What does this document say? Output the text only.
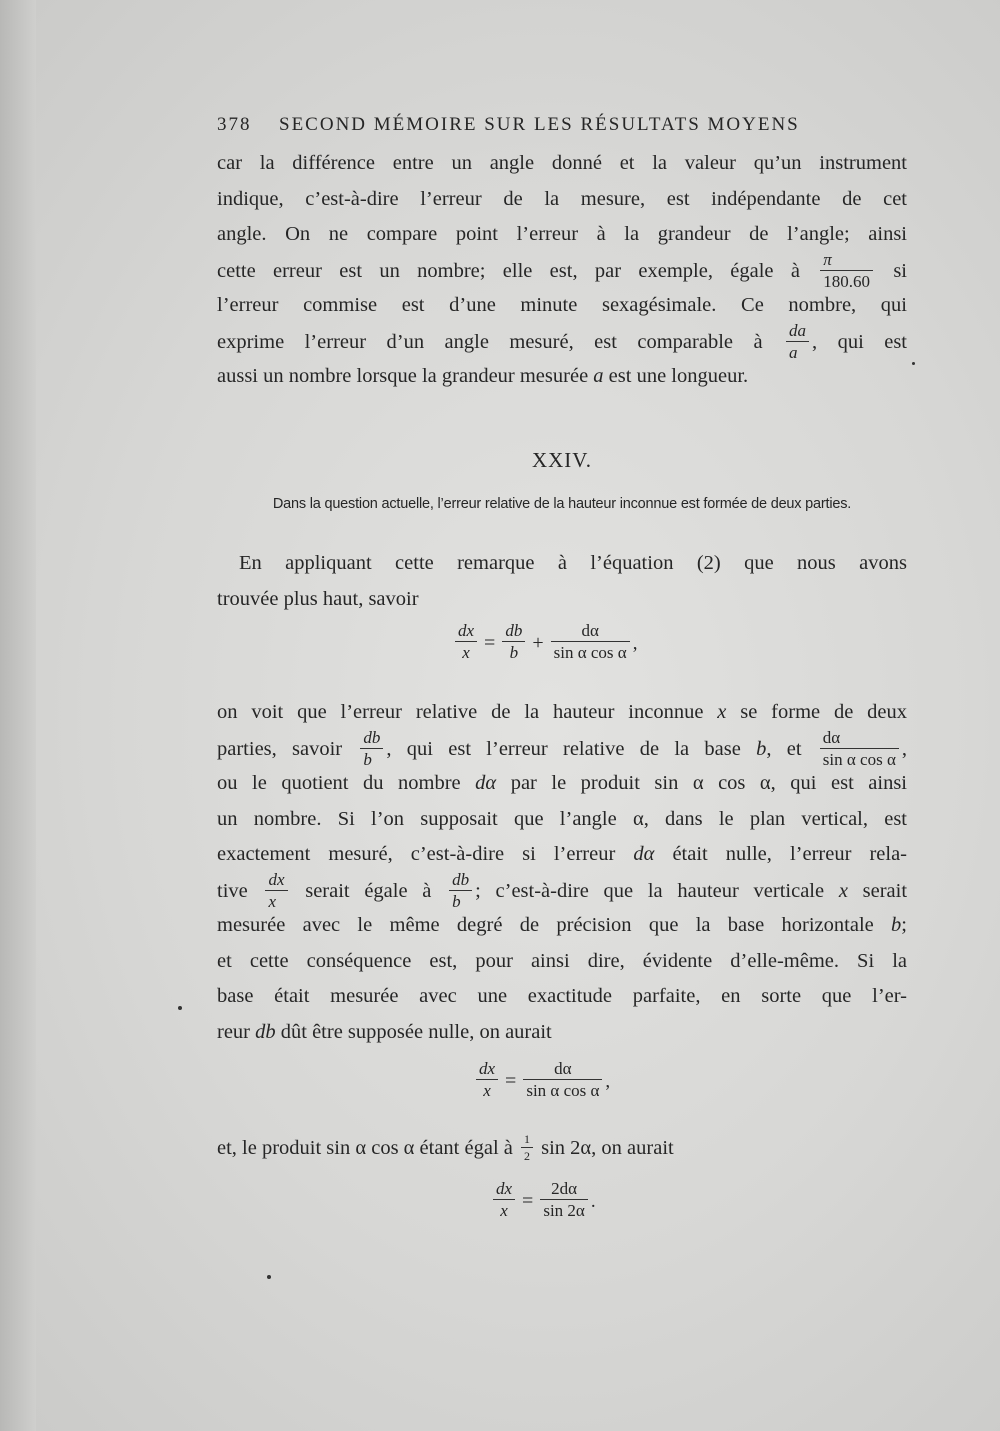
378 SECOND MÉMOIRE SUR LES RÉSULTATS MOYENS
car la différence entre un angle donné et la valeur qu’un instrument
indique, c’est-à-dire l’erreur de la mesure, est indépendante de cet
angle. On ne compare point l’erreur à la grandeur de l’angle; ainsi
cette erreur est un nombre; elle est, par exemple, égale à $\frac{\pi}{180.60}$ si
l’erreur commise est d’une minute sexagésimale. Ce nombre, qui
exprime l’erreur d’un angle mesuré, est comparable à $\frac{da}{a}$ , qui est
aussi un nombre lorsque la grandeur mesurée a est une longueur.
XXIV.
Dans la question actuelle, l’erreur relative de la hauteur inconnue est formée de deux parties.
En appliquant cette remarque à l’équation (2) que nous avons
trouvée plus haut, savoir
$\frac{dx}{x} = \frac{db}{b} + \frac{d\alpha}{\text{sin α cos α}}$ ,
on voit que l’erreur relative de la hauteur inconnue x se forme de deux
parties, savoir $\frac{db}{b}$ , qui est l’erreur relative de la base b, et $\frac{d\alpha}{\text{sin α cos α}}$ ,
ou le quotient du nombre dα par le produit sin α cos α, qui est ainsi
un nombre. Si l’on supposait que l’angle α, dans le plan vertical, est
exactement mesuré, c’est-à-dire si l’erreur dα était nulle, l’erreur rela-
tive $\frac{dx}{x}$ serait égale à $\frac{db}{b}$ ; c’est-à-dire que la hauteur verticale x serait
mesurée avec le même degré de précision que la base horizontale b;
et cette conséquence est, pour ainsi dire, évidente d’elle-même. Si la
base était mesurée avec une exactitude parfaite, en sorte que l’er-
reur db dût être supposée nulle, on aurait
$\frac{dx}{x} = \frac{d\alpha}{\text{sin α cos α}}$ ,
et, le produit sin α cos α étant égal à $\frac{1}{2}$ sin 2α, on aurait
$\frac{dx}{x} = \frac{2d\alpha}{\sin 2\alpha}$ .
